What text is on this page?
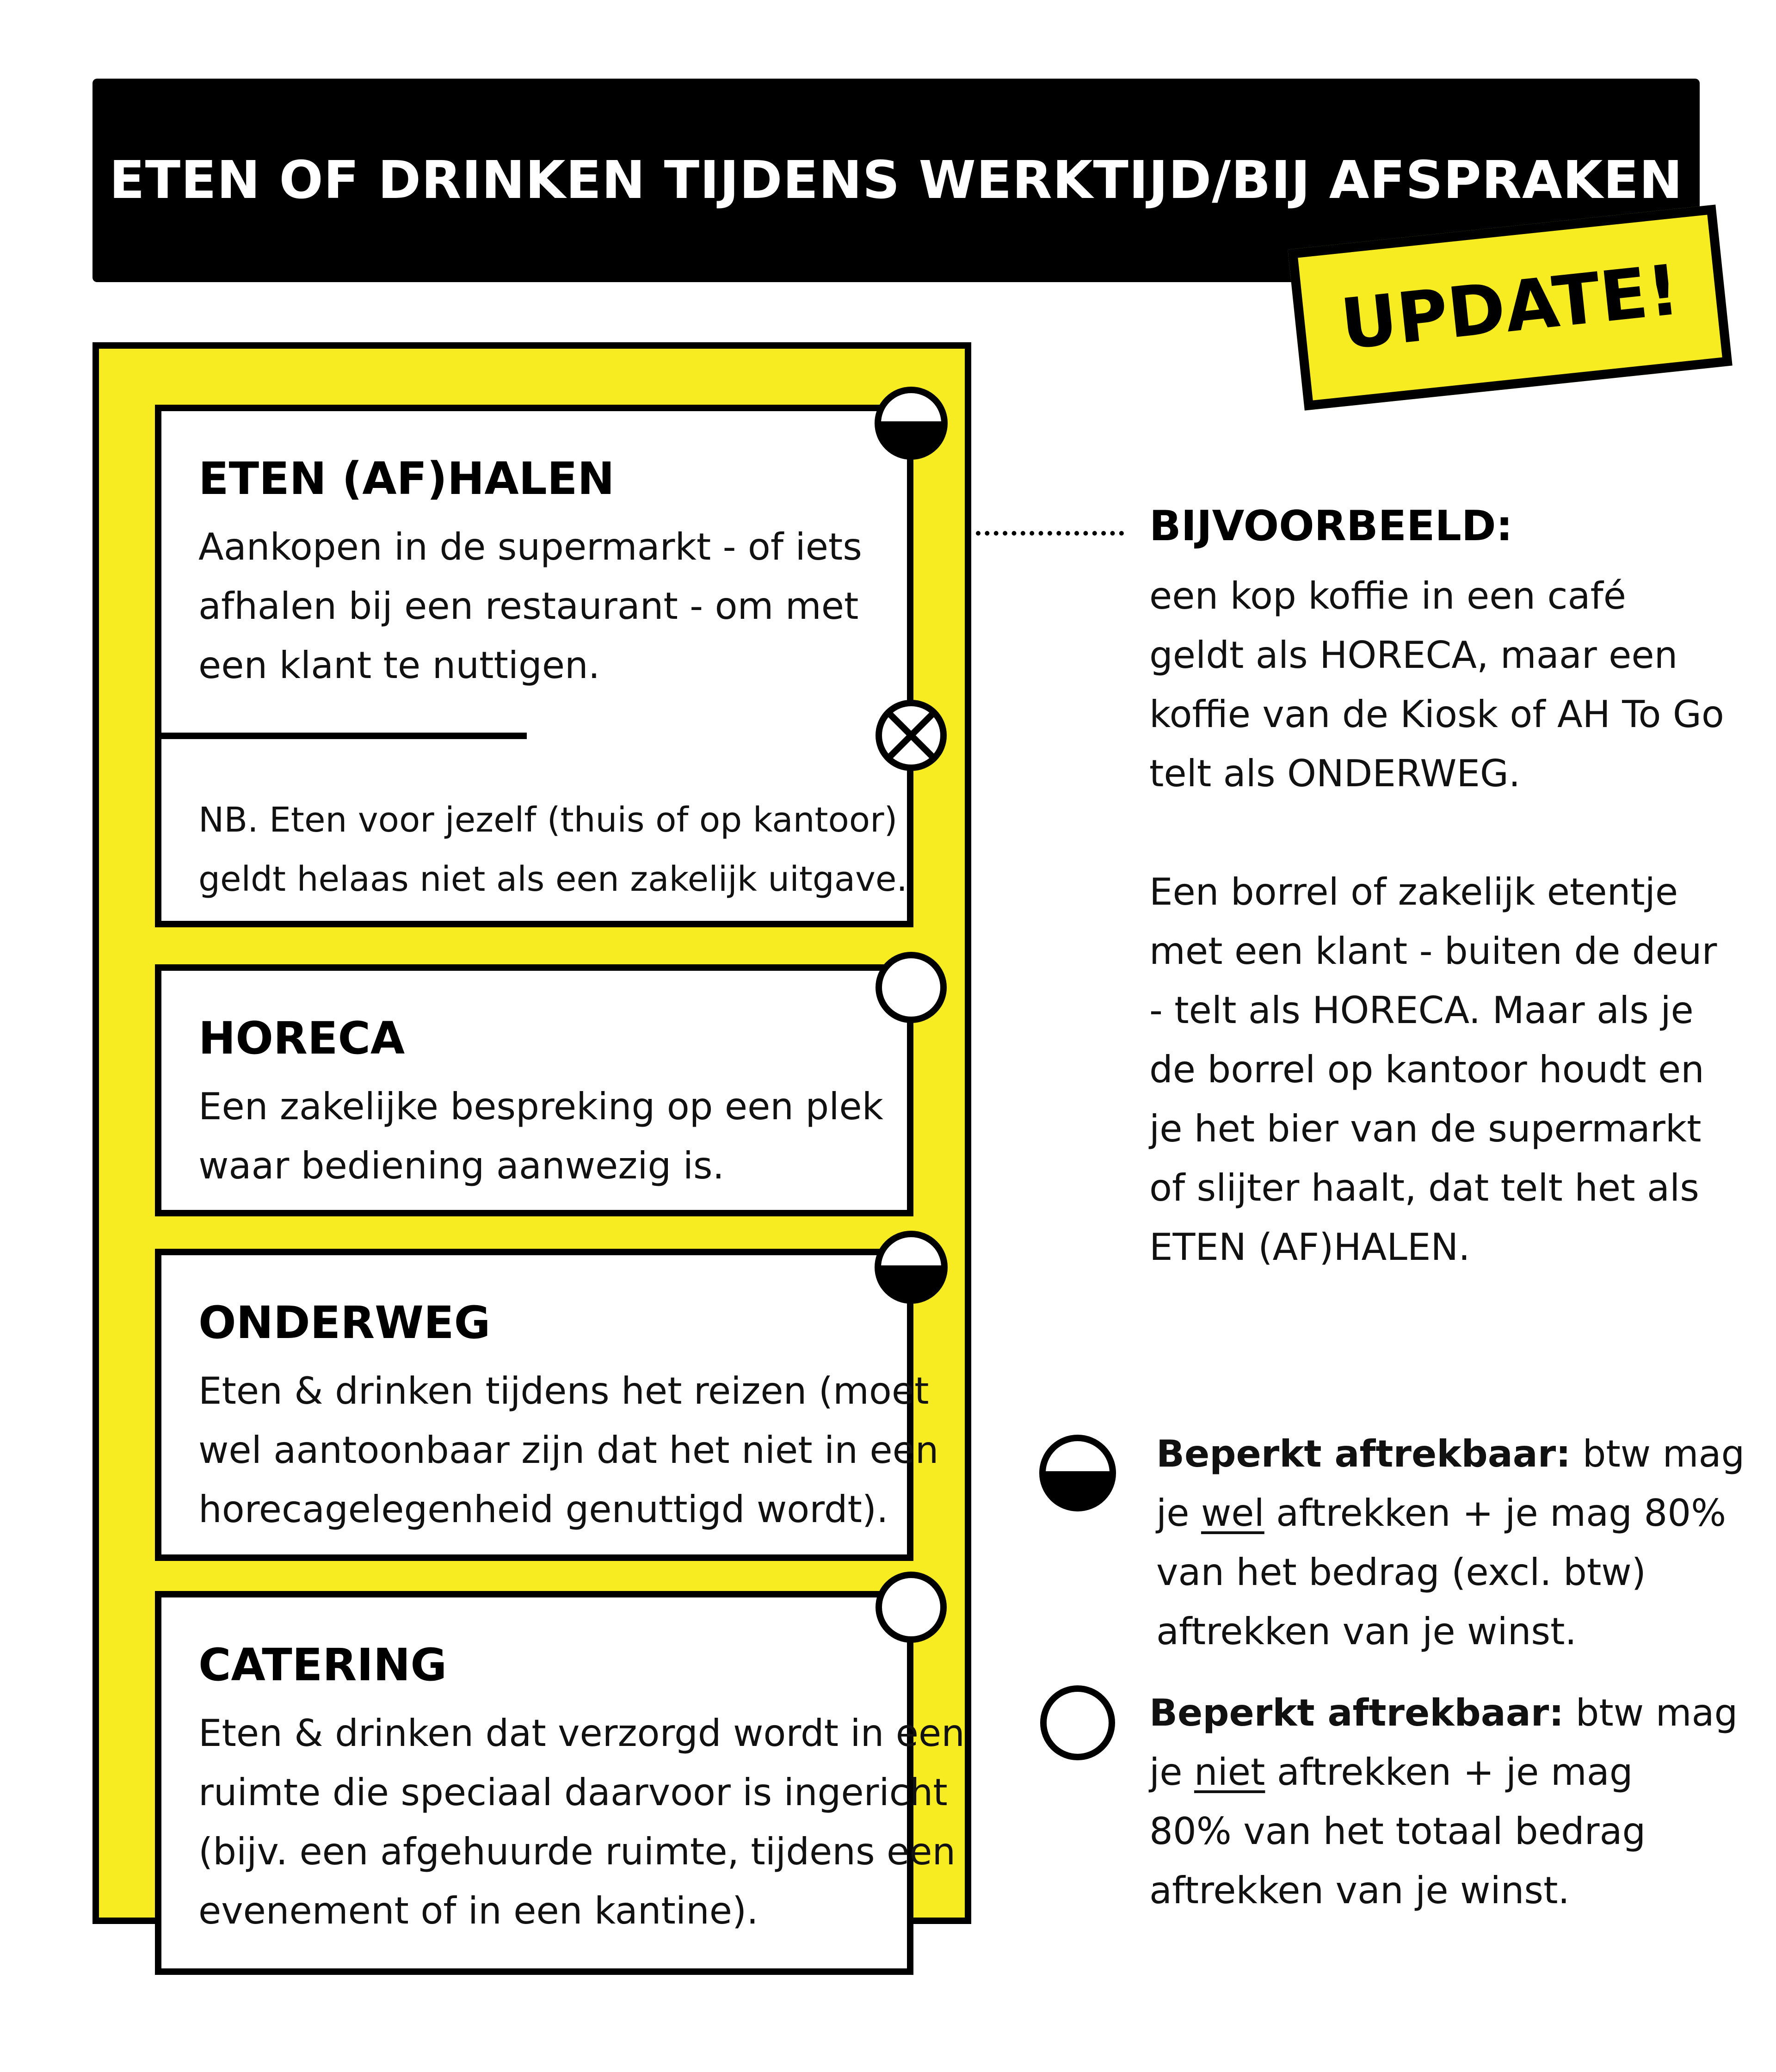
ETEN OF DRINKEN TIJDENS WERKTIJD/BIJ AFSPRAKEN
UPDATE!
ETEN (AF)HALEN
Aankopen in de supermarkt - of iets
afhalen bij een restaurant - om met
een klant te nuttigen.
NB. Eten voor jezelf (thuis of op kantoor)
geldt helaas niet als een zakelijk uitgave.
HORECA
Een zakelijke bespreking op een plek
waar bediening aanwezig is.
ONDERWEG
Eten & drinken tijdens het reizen (moet
wel aantoonbaar zijn dat het niet in een
horecagelegenheid genuttigd wordt).
CATERING
Eten & drinken dat verzorgd wordt in een
ruimte die speciaal daarvoor is ingericht
(bijv. een afgehuurde ruimte, tijdens een
evenement of in een kantine).
BIJVOORBEELD:
een kop koffie in een café
geldt als HORECA, maar een
koffie van de Kiosk of AH To Go
telt als ONDERWEG.
Een borrel of zakelijk etentje
met een klant - buiten de deur
- telt als HORECA. Maar als je
de borrel op kantoor houdt en
je het bier van de supermarkt
of slijter haalt, dat telt het als
ETEN (AF)HALEN.
Beperkt aftrekbaar: btw mag
je wel aftrekken + je mag 80%
van het bedrag (excl. btw)
aftrekken van je winst.
Beperkt aftrekbaar: btw mag
je niet aftrekken + je mag
80% van het totaal bedrag
aftrekken van je winst.
